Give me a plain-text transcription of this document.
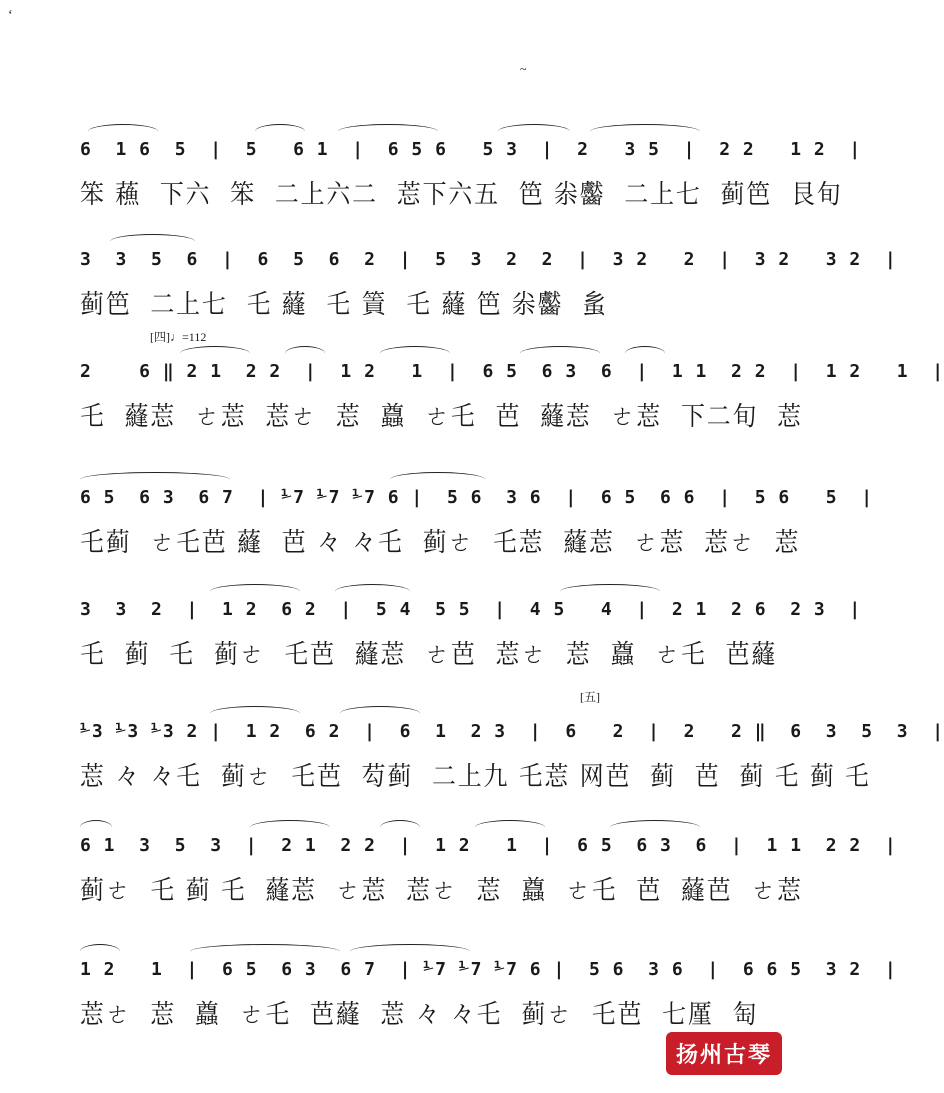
ʻ
~
6  1 6  5  |  5   6 1  |  6 5 6   5 3  |  2   3 5  |  2 2   1 2  |
笨 蘓  下六  笨  二上六二  莣下六五  笆 尜齾  二上七  蓟笆  艮旬
3  3  5  6  |  6  5  6  2  |  5  3  2  2  |  3 2   2  |  3 2   3 2  |
蓟笆  二上七  乇 蘕  乇 篢  乇 蘕 笆 尜齾  蚃
[四]♩=112
2    6 ‖ 2 1  2 2  |  1 2   1  |  6 5  6 3  6  |  1 1  2 2  |  1 2   1  |
乇  蘕莣  ㄜ莣  莣ㄜ  莣  蠤  ㄜ乇  芭  蘕莣  ㄜ莣  下二旬  莣
6 5  6 3  6 7  | ⅟7 ⅟7 ⅟7 6 |  5 6  3 6  |  6 5  6 6  |  5 6   5  |
乇蓟  ㄜ乇芭 蘕  芭 々 々乇  蓟ㄜ  乇莣  蘕莣  ㄜ莣  莣ㄜ  莣
3  3  2  |  1 2  6 2  |  5 4  5 5  |  4 5   4  |  2 1  2 6  2 3  |
乇  蓟  乇  蓟ㄜ  乇芭  蘕莣  ㄜ芭  莣ㄜ  莣  蠤  ㄜ乇  芭蘕
[五]
⅟3 ⅟3 ⅟3 2 |  1 2  6 2  |  6  1  2 3  |  6   2  |  2   2 ‖  6  3  5  3  |
莣 々 々乇  蓟ㄜ  乇芭  芶蓟  二上九 乇莣 网芭  蓟  芭  蓟 乇 蓟 乇
6 1  3  5  3  |  2 1  2 2  |  1 2   1  |  6 5  6 3  6  |  1 1  2 2  |
蓟ㄜ  乇 蓟 乇  蘕莣  ㄜ莣  莣ㄜ  莣  蠤  ㄜ乇  芭  蘕芭  ㄜ莣
1 2   1  |  6 5  6 3  6 7  | ⅟7 ⅟7 ⅟7 6 |  5 6  3 6  |  6 6 5  3 2  |
莣ㄜ  莣  蠤  ㄜ乇  芭蘕  莣 々 々乇  蓟ㄜ  乇芭  七厪  匋
扬州古琴
